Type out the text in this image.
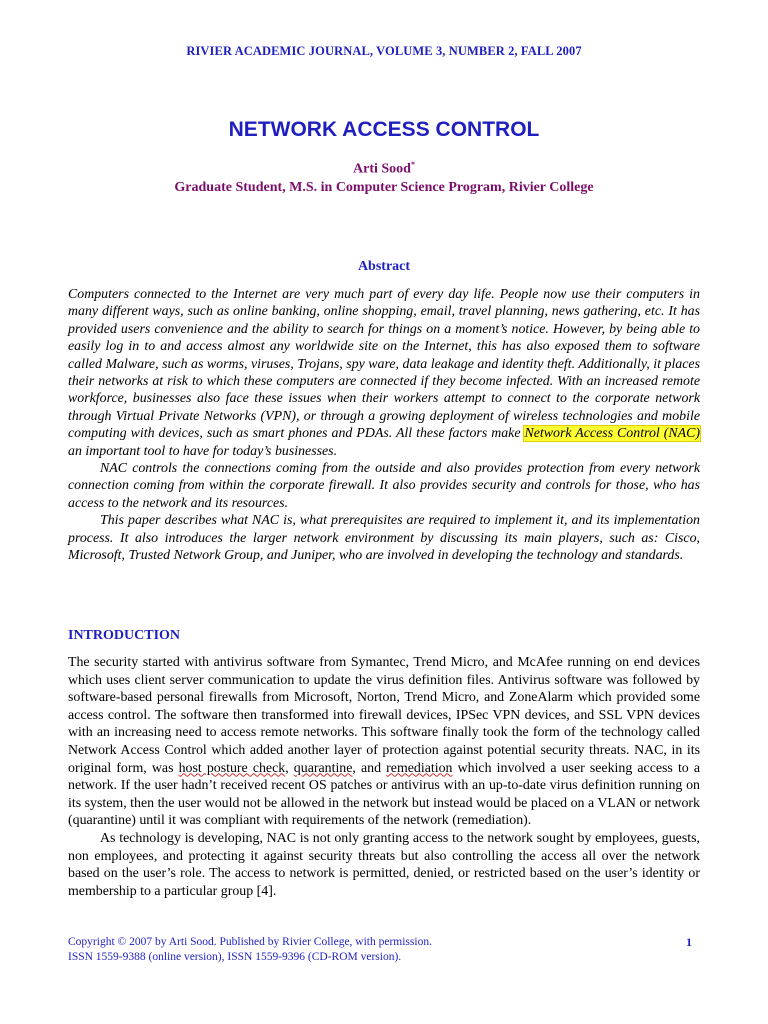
RIVIER ACADEMIC JOURNAL, VOLUME 3, NUMBER 2, FALL 2007
NETWORK ACCESS CONTROL
Arti Sood*
Graduate Student, M.S. in Computer Science Program, Rivier College
Abstract

Computers connected to the Internet are very much part of every day life. People now use their computers in many different ways, such as online banking, online shopping, email, travel planning, news gathering, etc. It has provided users convenience and the ability to search for things on a moment’s notice. However, by being able to easily log in to and access almost any worldwide site on the Internet, this has also exposed them to software called Malware, such as worms, viruses, Trojans, spy ware, data leakage and identity theft. Additionally, it places their networks at risk to which these computers are connected if they become infected. With an increased remote workforce, businesses also face these issues when their workers attempt to connect to the corporate network through Virtual Private Networks (VPN), or through a growing deployment of wireless technologies and mobile computing with devices, such as smart phones and PDAs. All these factors make Network Access Control (NAC) an important tool to have for today’s businesses.

NAC controls the connections coming from the outside and also provides protection from every network connection coming from within the corporate firewall. It also provides security and controls for those, who has access to the network and its resources.

This paper describes what NAC is, what prerequisites are required to implement it, and its implementation process. It also introduces the larger network environment by discussing its main players, such as: Cisco, Microsoft, Trusted Network Group, and Juniper, who are involved in developing the technology and standards.

INTRODUCTION

The security started with antivirus software from Symantec, Trend Micro, and McAfee running on end devices which uses client server communication to update the virus definition files. Antivirus software was followed by software-based personal firewalls from Microsoft, Norton, Trend Micro, and ZoneAlarm which provided some access control. The software then transformed into firewall devices, IPSec VPN devices, and SSL VPN devices with an increasing need to access remote networks. This software finally took the form of the technology called Network Access Control which added another layer of protection against potential security threats. NAC, in its original form, was host posture check, quarantine, and remediation which involved a user seeking access to a network. If the user hadn’t received recent OS patches or antivirus with an up-to-date virus definition running on its system, then the user would not be allowed in the network but instead would be placed on a VLAN or network (quarantine) until it was compliant with requirements of the network (remediation).

As technology is developing, NAC is not only granting access to the network sought by employees, guests, non employees, and protecting it against security threats but also controlling the access all over the network based on the user’s role. The access to network is permitted, denied, or restricted based on the user’s identity or membership to a particular group [4].

Copyright © 2007 by Arti Sood. Published by Rivier College, with permission.
ISSN 1559-9388 (online version), ISSN 1559-9396 (CD-ROM version).
1
